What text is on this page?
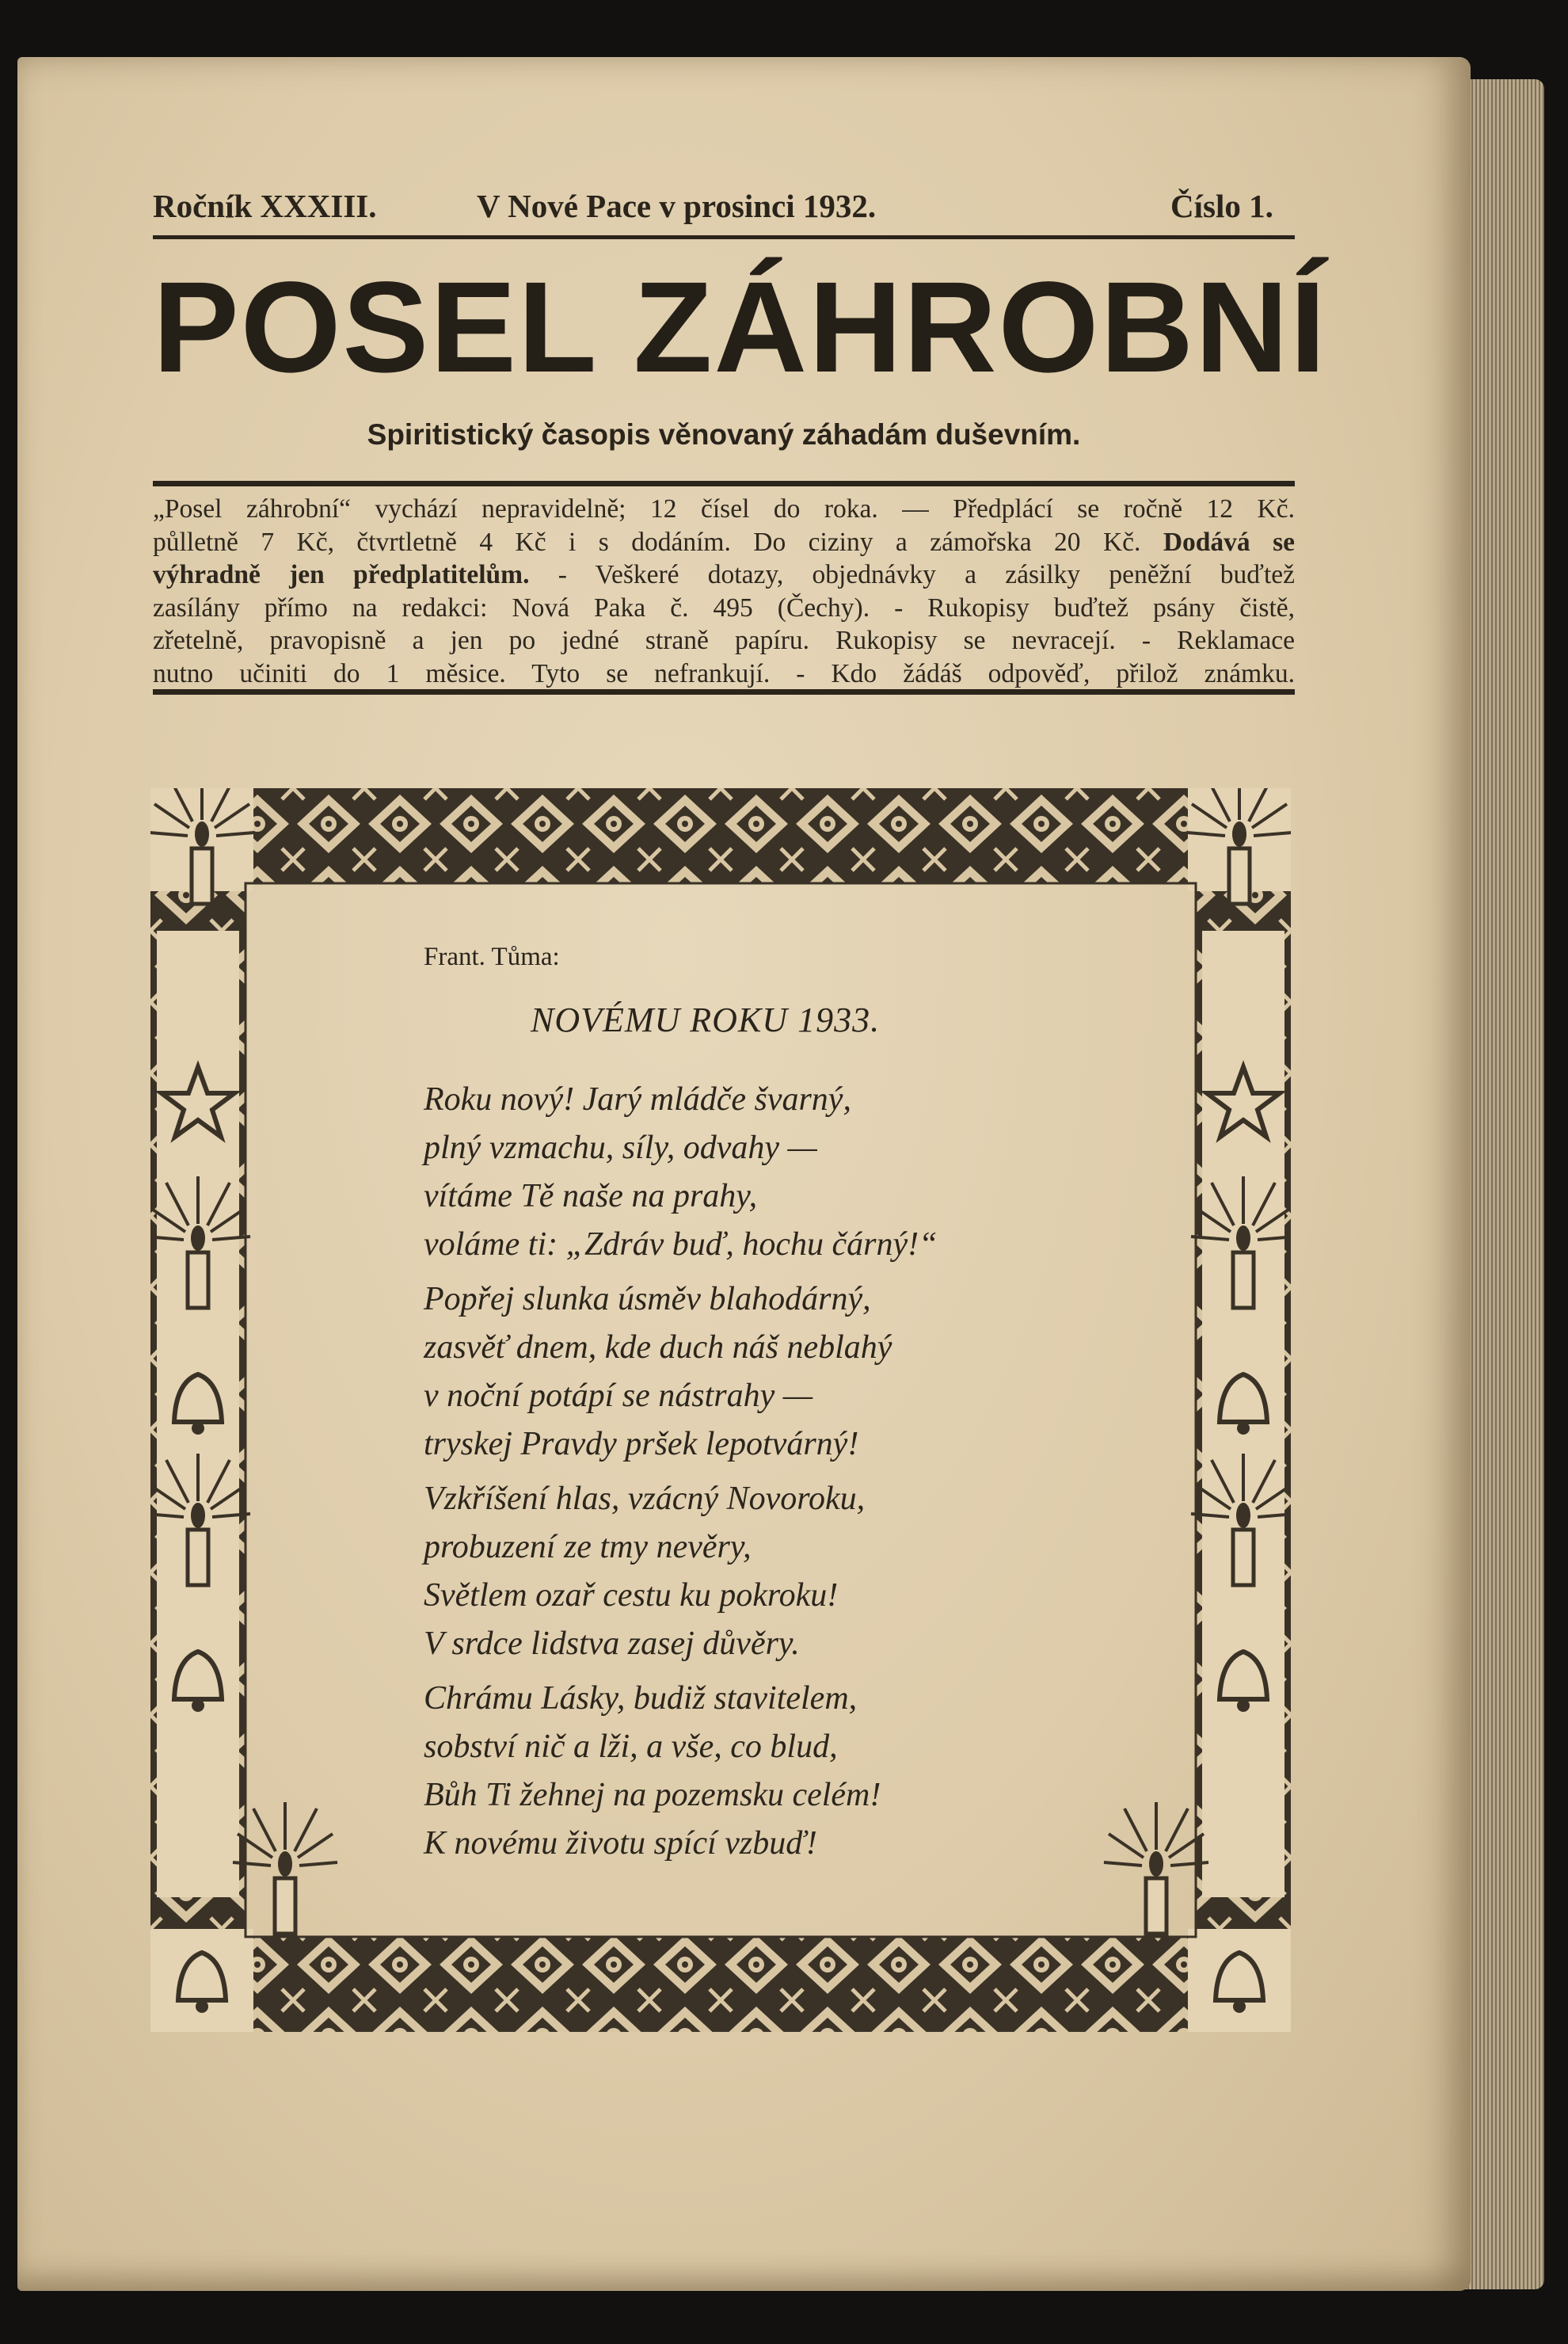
Ročník XXXIII.	V Nové Pace v prosinci 1932.	Číslo 1.
POSEL ZÁHROBNÍ
Spiritistický časopis věnovaný záhadám duševním.
„Posel záhrobní“ vychází nepravidelně; 12 čísel do roka. — Předplácí se ročně 12 Kč.
půlletně 7 Kč, čtvrtletně 4 Kč i s dodáním. Do ciziny a zámořska 20 Kč. Dodává se
výhradně jen předplatitelům. - Veškeré dotazy, objednávky a zásilky peněžní buďtež
zasílány přímo na redakci: Nová Paka č. 495 (Čechy). - Rukopisy buďtež psány čistě,
zřetelně, pravopisně a jen po jedné straně papíru. Rukopisy se nevracejí. - Reklamace
nutno učiniti do 1 měsice. Tyto se nefrankují. - Kdo žádáš odpověď, přilož známku.
Frant. Tůma:
NOVÉMU ROKU 1933.
Roku nový! Jarý mládče švarný,
plný vzmachu, síly, odvahy —
vítáme Tě naše na prahy,
voláme ti: „Zdráv buď, hochu čárný!“
Popřej slunka úsměv blahodárný,
zasvěť dnem, kde duch náš neblahý
v noční potápí se nástrahy —
tryskej Pravdy pršek lepotvárný!
Vzkříšení hlas, vzácný Novoroku,
probuzení ze tmy nevěry,
Světlem ozař cestu ku pokroku!
V srdce lidstva zasej důvěry.
Chrámu Lásky, budiž stavitelem,
sobství nič a lži, a vše, co blud,
Bůh Ti žehnej na pozemsku celém!
K novému životu spící vzbuď!
